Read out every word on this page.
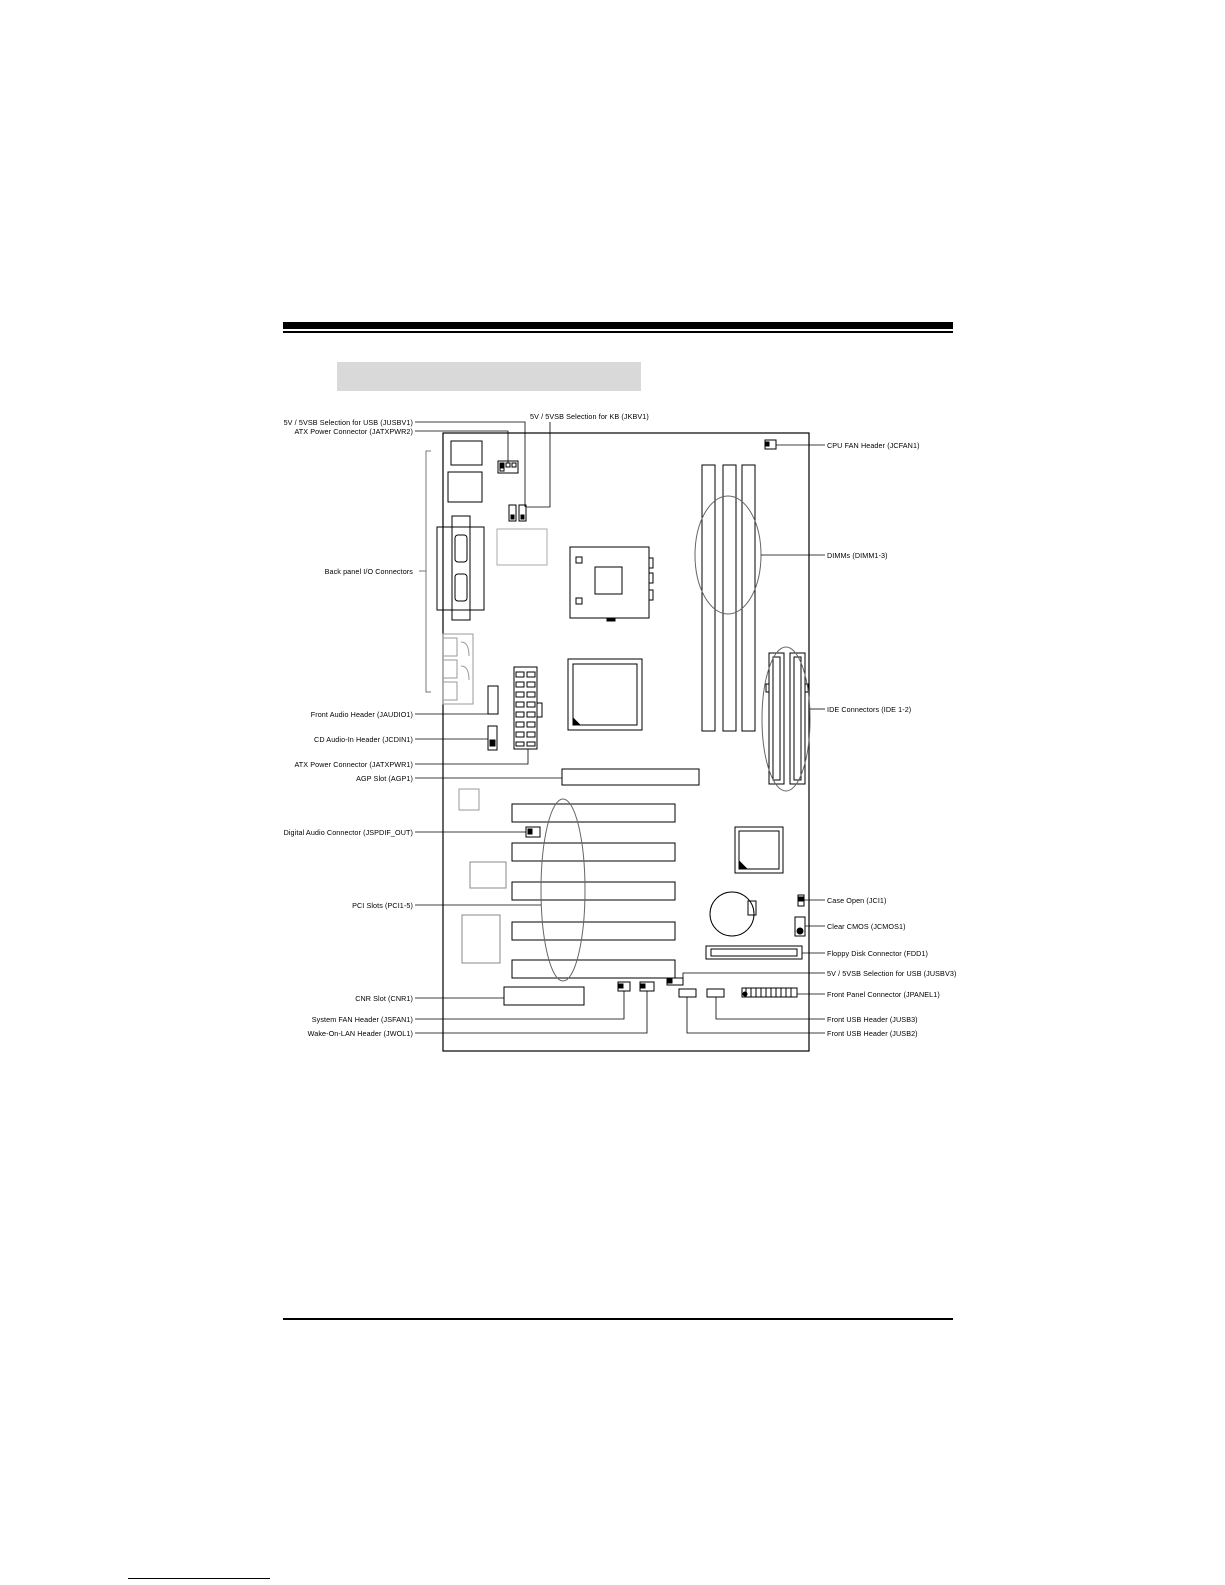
5V / 5VSB Selection for USB (JUSBV1)
ATX Power Connector (JATXPWR2)
Back panel I/O Connectors
Front Audio Header (JAUDIO1)
CD Audio-In Header (JCDIN1)
ATX Power Connector (JATXPWR1)
AGP Slot (AGP1)
Digital Audio Connector (JSPDIF_OUT)
PCI Slots (PCI1-5)
CNR Slot (CNR1)
System FAN Header (JSFAN1)
Wake-On-LAN Header (JWOL1)
5V / 5VSB Selection for KB (JKBV1)
CPU FAN Header (JCFAN1)
DIMMs (DIMM1-3)
IDE Connectors (IDE 1-2)
Case Open (JCI1)
Clear CMOS (JCMOS1)
Floppy Disk Connector (FDD1)
5V / 5VSB Selection for USB (JUSBV3)
Front Panel Connector (JPANEL1)
Front USB Header (JUSB3)
Front USB Header (JUSB2)
